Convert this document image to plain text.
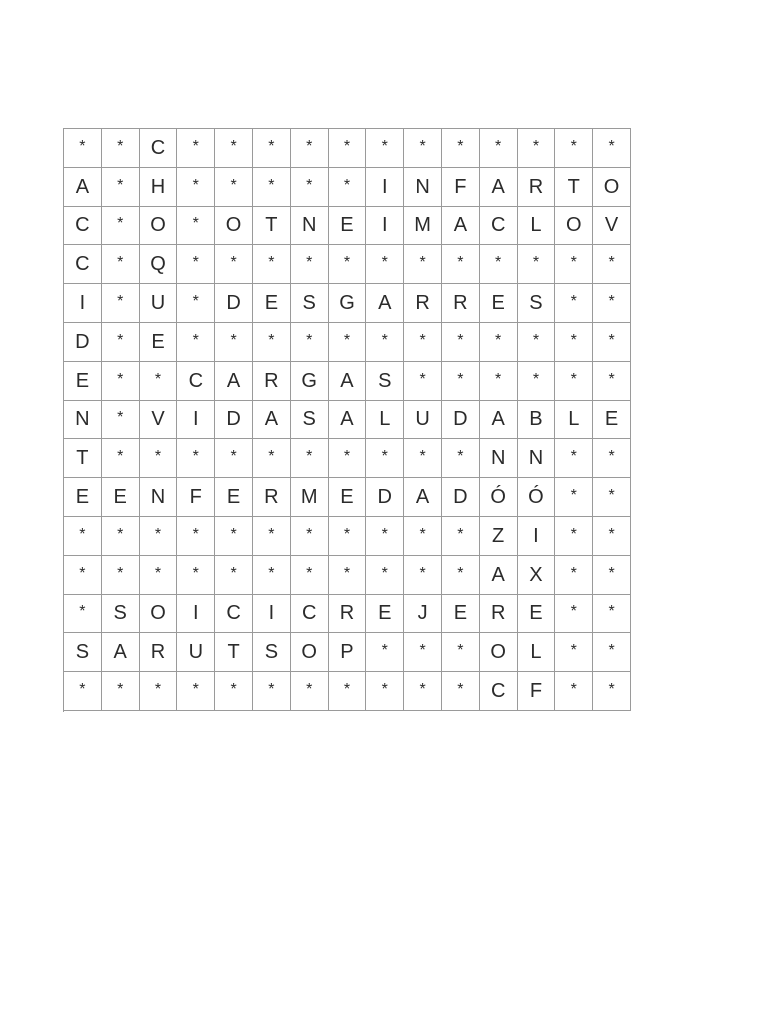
*	*	C	*	*	*	*	*	*	*	*	*	*	*	*
A	*	H	*	*	*	*	*	I	N	F	A	R	T	O
C	*	O	*	O	T	N	E	I	M	A	C	L	O	V
C	*	Q	*	*	*	*	*	*	*	*	*	*	*	*
I	*	U	*	D	E	S	G	A	R	R	E	S	*	*
D	*	E	*	*	*	*	*	*	*	*	*	*	*	*
E	*	*	C	A	R	G	A	S	*	*	*	*	*	*
N	*	V	I	D	A	S	A	L	U	D	A	B	L	E
T	*	*	*	*	*	*	*	*	*	*	N	N	*	*
E	E	N	F	E	R	M	E	D	A	D	Ó	Ó	*	*
*	*	*	*	*	*	*	*	*	*	*	Z	I	*	*
*	*	*	*	*	*	*	*	*	*	*	A	X	*	*
*	S	O	I	C	I	C	R	E	J	E	R	E	*	*
S	A	R	U	T	S	O	P	*	*	*	O	L	*	*
*	*	*	*	*	*	*	*	*	*	*	C	F	*	*
